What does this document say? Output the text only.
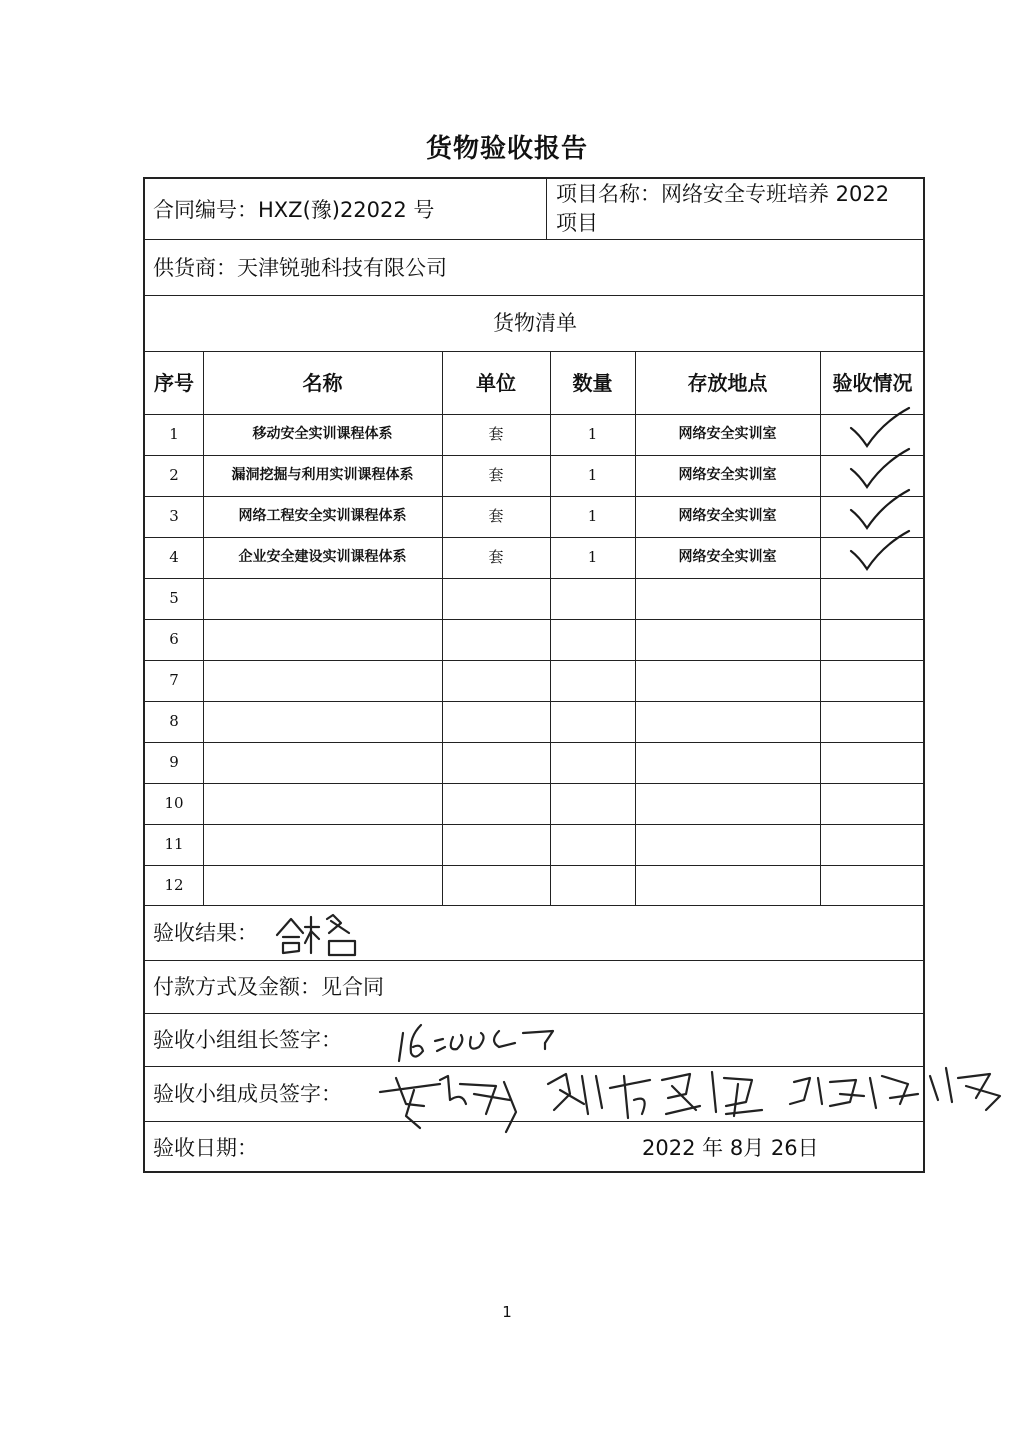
货物验收报告
合同编号：HXZ(豫)22022 号
项目名称：网络安全专班培养 2022
项目
供货商：天津锐驰科技有限公司
货物清单
序号	名称	单位	数量	存放地点	验收情况
1	移动安全实训课程体系	套	1	网络安全实训室
2	漏洞挖掘与利用实训课程体系	套	1	网络安全实训室
3	网络工程安全实训课程体系	套	1	网络安全实训室
4	企业安全建设实训课程体系	套	1	网络安全实训室
5
6
7
8
9
10
11
12
验收结果：
付款方式及金额：见合同
验收小组组长签字：
验收小组成员签字：
验收日期：	2022 年 8月 26日
1
